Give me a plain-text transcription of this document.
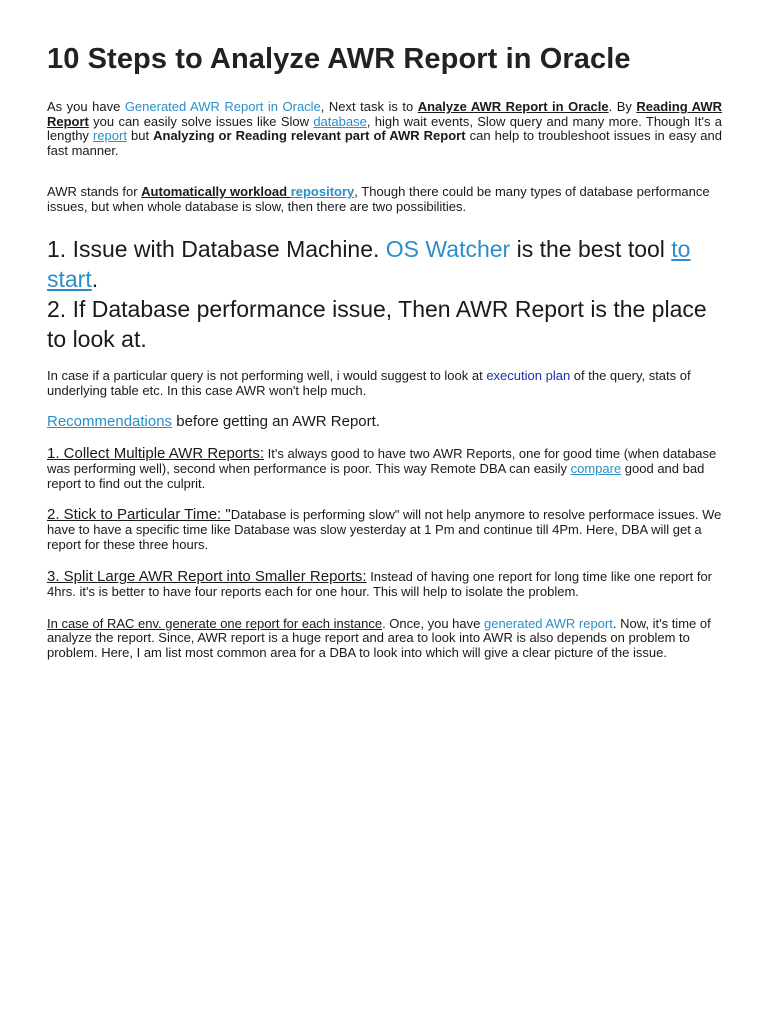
10 Steps to Analyze AWR Report in Oracle

As you have Generated AWR Report in Oracle, Next task is to Analyze AWR Report in Oracle. By Reading AWR Report you can easily solve issues like Slow database, high wait events, Slow query and many more. Though It's a lengthy report but Analyzing or Reading relevant part of AWR Report can help to troubleshoot issues in easy and fast manner.

AWR stands for Automatically workload repository, Though there could be many types of database performance issues, but when whole database is slow, then there are two possibilities.

1. Issue with Database Machine. OS Watcher is the best tool to start.
2. If Database performance issue, Then AWR Report is the place to look at.

In case if a particular query is not performing well, i would suggest to look at execution plan of the query, stats of underlying table etc. In this case AWR won't help much.

Recommendations before getting an AWR Report.

1. Collect Multiple AWR Reports: It's always good to have two AWR Reports, one for good time (when database was performing well), second when performance is poor. This way Remote DBA can easily compare good and bad report to find out the culprit.

2. Stick to Particular Time: "Database is performing slow" will not help anymore to resolve performace issues. We have to have a specific time like Database was slow yesterday at 1 Pm and continue till 4Pm. Here, DBA will get a report for these three hours.

3. Split Large AWR Report into Smaller Reports: Instead of having one report for long time like one report for 4hrs. it's is better to have four reports each for one hour. This will help to isolate the problem.

In case of RAC env. generate one report for each instance. Once, you have generated AWR report. Now, it's time of analyze the report. Since, AWR report is a huge report and area to look into AWR is also depends on problem to problem. Here, I am list most common area for a DBA to look into which will give a clear picture of the issue.
